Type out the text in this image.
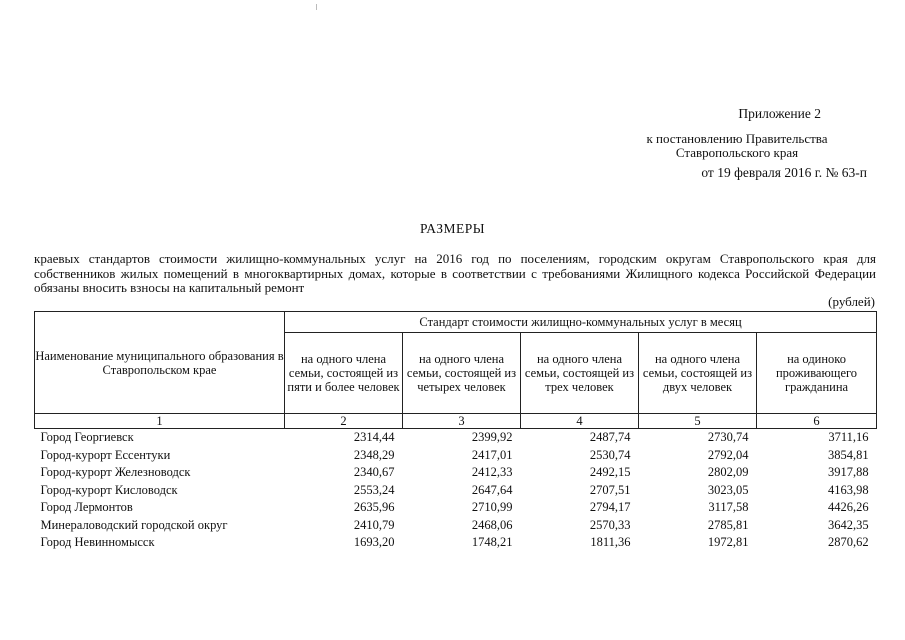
Приложение 2
к постановлению Правительства
Ставропольского края
от 19 февраля 2016 г. № 63-п
РАЗМЕРЫ
краевых стандартов стоимости жилищно-коммунальных услуг на 2016 год по поселениям, городским округам Ставропольского края для собственников жилых помещений в многоквартирных домах, которые в соответствии с требованиями Жилищного кодекса Российской Федерации обязаны вносить взносы на капитальный ремонт
(рублей)
Наименование муниципального образования в Ставропольском крае	Стандарт стоимости жилищно-коммунальных услуг в месяц				
	на одного члена семьи, состоящей из пяти и более человек	на одного члена семьи, состоящей из четырех человек	на одного члена семьи, состоящей из трех человек	на одного члена семьи, состоящей из двух человек	на одиноко проживающего гражданина
1	2	3	4	5	6
Город Георгиевск	2314,44	2399,92	2487,74	2730,74	3711,16
Город-курорт Ессентуки	2348,29	2417,01	2530,74	2792,04	3854,81
Город-курорт Железноводск	2340,67	2412,33	2492,15	2802,09	3917,88
Город-курорт Кисловодск	2553,24	2647,64	2707,51	3023,05	4163,98
Город Лермонтов	2635,96	2710,99	2794,17	3117,58	4426,26
Минераловодский городской округ	2410,79	2468,06	2570,33	2785,81	3642,35
Город Невинномысск	1693,20	1748,21	1811,36	1972,81	2870,62
